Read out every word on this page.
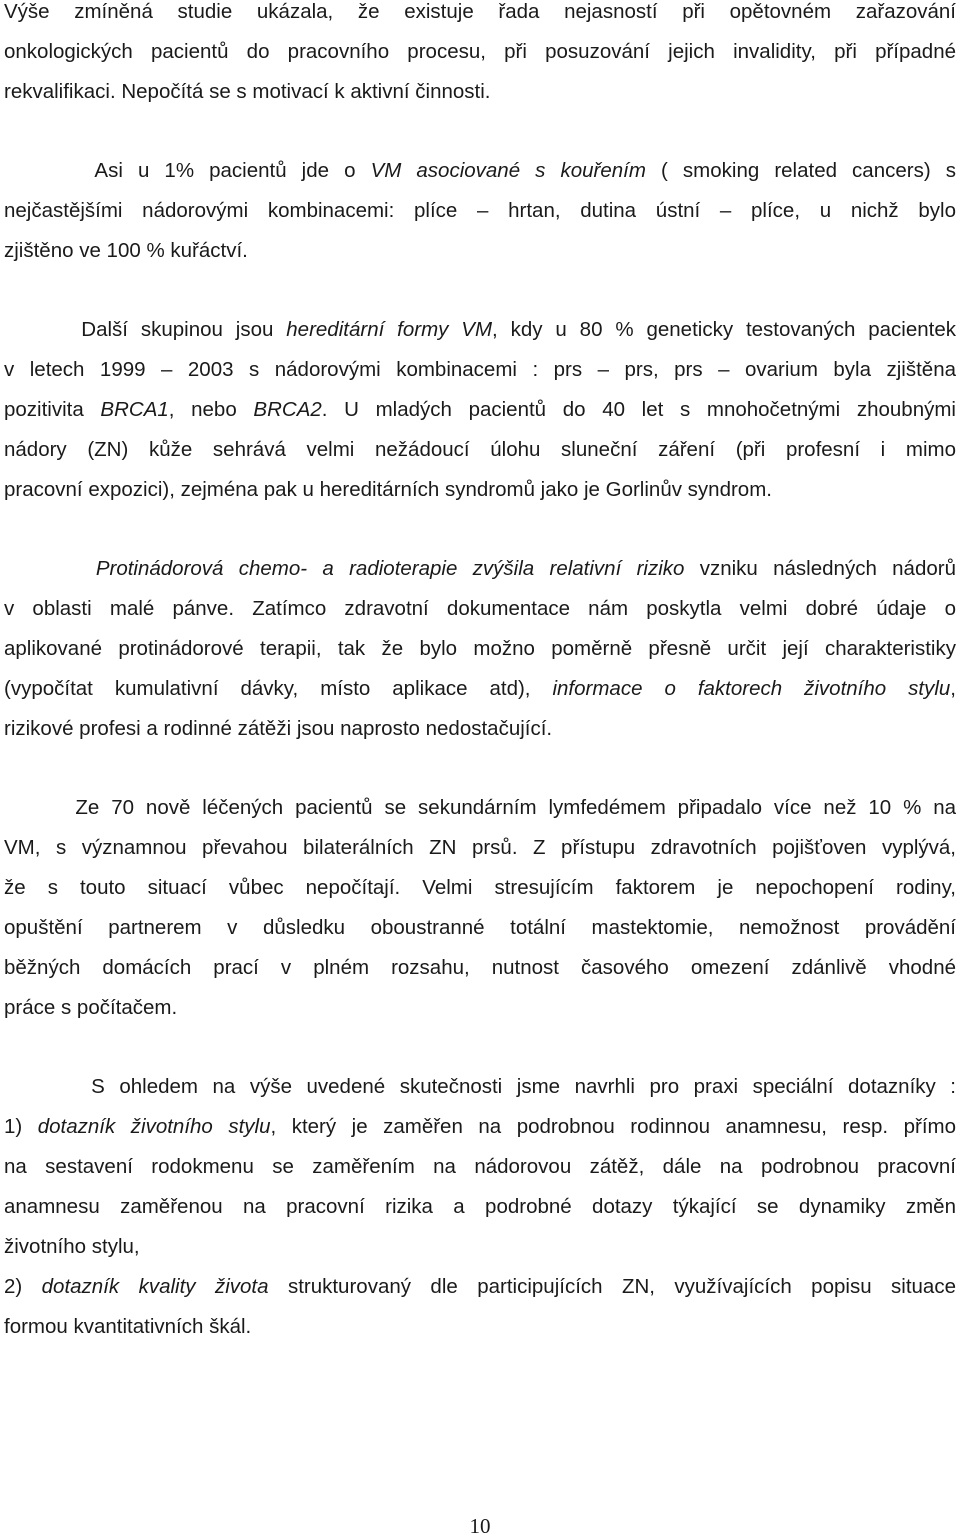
Výše zmíněná studie ukázala, že existuje řada nejasností při opětovném zařazování
onkologických pacientů do pracovního procesu, při posuzování jejich invalidity, při případné
rekvalifikaci. Nepočítá se s motivací k aktivní činnosti.
Asi u 1% pacientů jde o VM asociované s kouřením ( smoking related cancers) s
nejčastějšími nádorovými kombinacemi: plíce – hrtan, dutina ústní – plíce, u nichž bylo
zjištěno ve 100 % kuřáctví.
Další skupinou jsou hereditární formy VM, kdy u 80 % geneticky testovaných pacientek
v letech 1999 – 2003 s nádorovými kombinacemi : prs – prs, prs – ovarium byla zjištěna
pozitivita BRCA1, nebo BRCA2. U mladých pacientů do 40 let s mnohočetnými zhoubnými
nádory (ZN) kůže sehrává velmi nežádoucí úlohu sluneční záření (při profesní i mimo
pracovní expozici), zejména pak u hereditárních syndromů jako je Gorlinův syndrom.
Protinádorová chemo- a radioterapie zvýšila relativní riziko vzniku následných nádorů
v oblasti malé pánve. Zatímco zdravotní dokumentace nám poskytla velmi dobré údaje o
aplikované protinádorové terapii, tak že bylo možno poměrně přesně určit její charakteristiky
(vypočítat kumulativní dávky, místo aplikace atd), informace o faktorech životního stylu,
rizikové profesi a rodinné zátěži jsou naprosto nedostačující.
Ze 70 nově léčených pacientů se sekundárním lymfedémem připadalo více než 10 % na
VM, s významnou převahou bilaterálních ZN prsů. Z přístupu zdravotních pojišťoven vyplývá,
že s touto situací vůbec nepočítají. Velmi stresujícím faktorem je nepochopení rodiny,
opuštění partnerem v důsledku oboustranné totální mastektomie, nemožnost provádění
běžných domácích prací v plném rozsahu, nutnost časového omezení zdánlivě vhodné
práce s počítačem.
S ohledem na výše uvedené skutečnosti jsme navrhli pro praxi speciální dotazníky :
1) dotazník životního stylu, který je zaměřen na podrobnou rodinnou anamnesu, resp. přímo
na sestavení rodokmenu se zaměřením na nádorovou zátěž, dále na podrobnou pracovní
anamnesu zaměřenou na pracovní rizika a podrobné dotazy týkající se dynamiky změn
životního stylu,
2) dotazník kvality života strukturovaný dle participujících ZN, využívajících popisu situace
formou kvantitativních škál.
10
